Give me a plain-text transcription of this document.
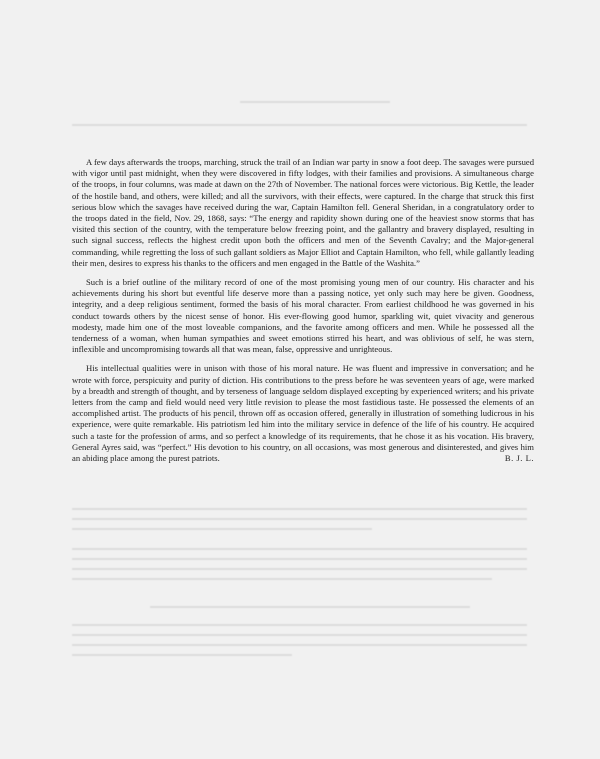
A few days afterwards the troops, marching, struck the trail of an Indian war party in snow a foot deep. The savages were pursued with vigor until past midnight, when they were discovered in fifty lodges, with their families and provisions. A simultaneous charge of the troops, in four columns, was made at dawn on the 27th of November. The national forces were victorious. Big Kettle, the leader of the hostile band, and others, were killed; and all the survivors, with their effects, were captured. In the charge that struck this first serious blow which the savages have received during the war, Captain Hamilton fell. General Sheridan, in a congratulatory order to the troops dated in the field, Nov. 29, 1868, says: “The energy and rapidity shown during one of the heaviest snow storms that has visited this section of the country, with the temperature below freezing point, and the gallantry and bravery displayed, resulting in such signal success, reflects the highest credit upon both the officers and men of the Seventh Cavalry; and the Major-general commanding, while regretting the loss of such gallant soldiers as Major Elliot and Captain Hamilton, who fell, while gallantly leading their men, desires to express his thanks to the officers and men engaged in the Battle of the Washita.”

Such is a brief outline of the military record of one of the most promising young men of our country. His character and his achievements during his short but eventful life deserve more than a passing notice, yet only such may here be given. Goodness, integrity, and a deep religious sentiment, formed the basis of his moral character. From earliest childhood he was governed in his conduct towards others by the nicest sense of honor. His ever-flowing good humor, sparkling wit, quiet vivacity and generous modesty, made him one of the most loveable companions, and the favorite among officers and men. While he possessed all the tenderness of a woman, when human sympathies and sweet emotions stirred his heart, and was oblivious of self, he was stern, inflexible and uncompromising towards all that was mean, false, oppressive and unrighteous.

His intellectual qualities were in unison with those of his moral nature. He was fluent and impressive in conversation; and he wrote with force, perspicuity and purity of diction. His contributions to the press before he was seventeen years of age, were marked by a breadth and strength of thought, and by terseness of language seldom displayed excepting by experienced writers; and his private letters from the camp and field would need very little revision to please the most fastidious taste. He possessed the elements of an accomplished artist. The products of his pencil, thrown off as occasion offered, generally in illustration of something ludicrous in his experience, were quite remarkable. His patriotism led him into the military service in defence of the life of his country. He acquired such a taste for the profession of arms, and so perfect a knowledge of its requirements, that he chose it as his vocation. His bravery, General Ayres said, was “perfect.” His devotion to his country, on all occasions, was most generous and disinterested, and gives him an abiding place among the purest patriots.	B. J. L.
